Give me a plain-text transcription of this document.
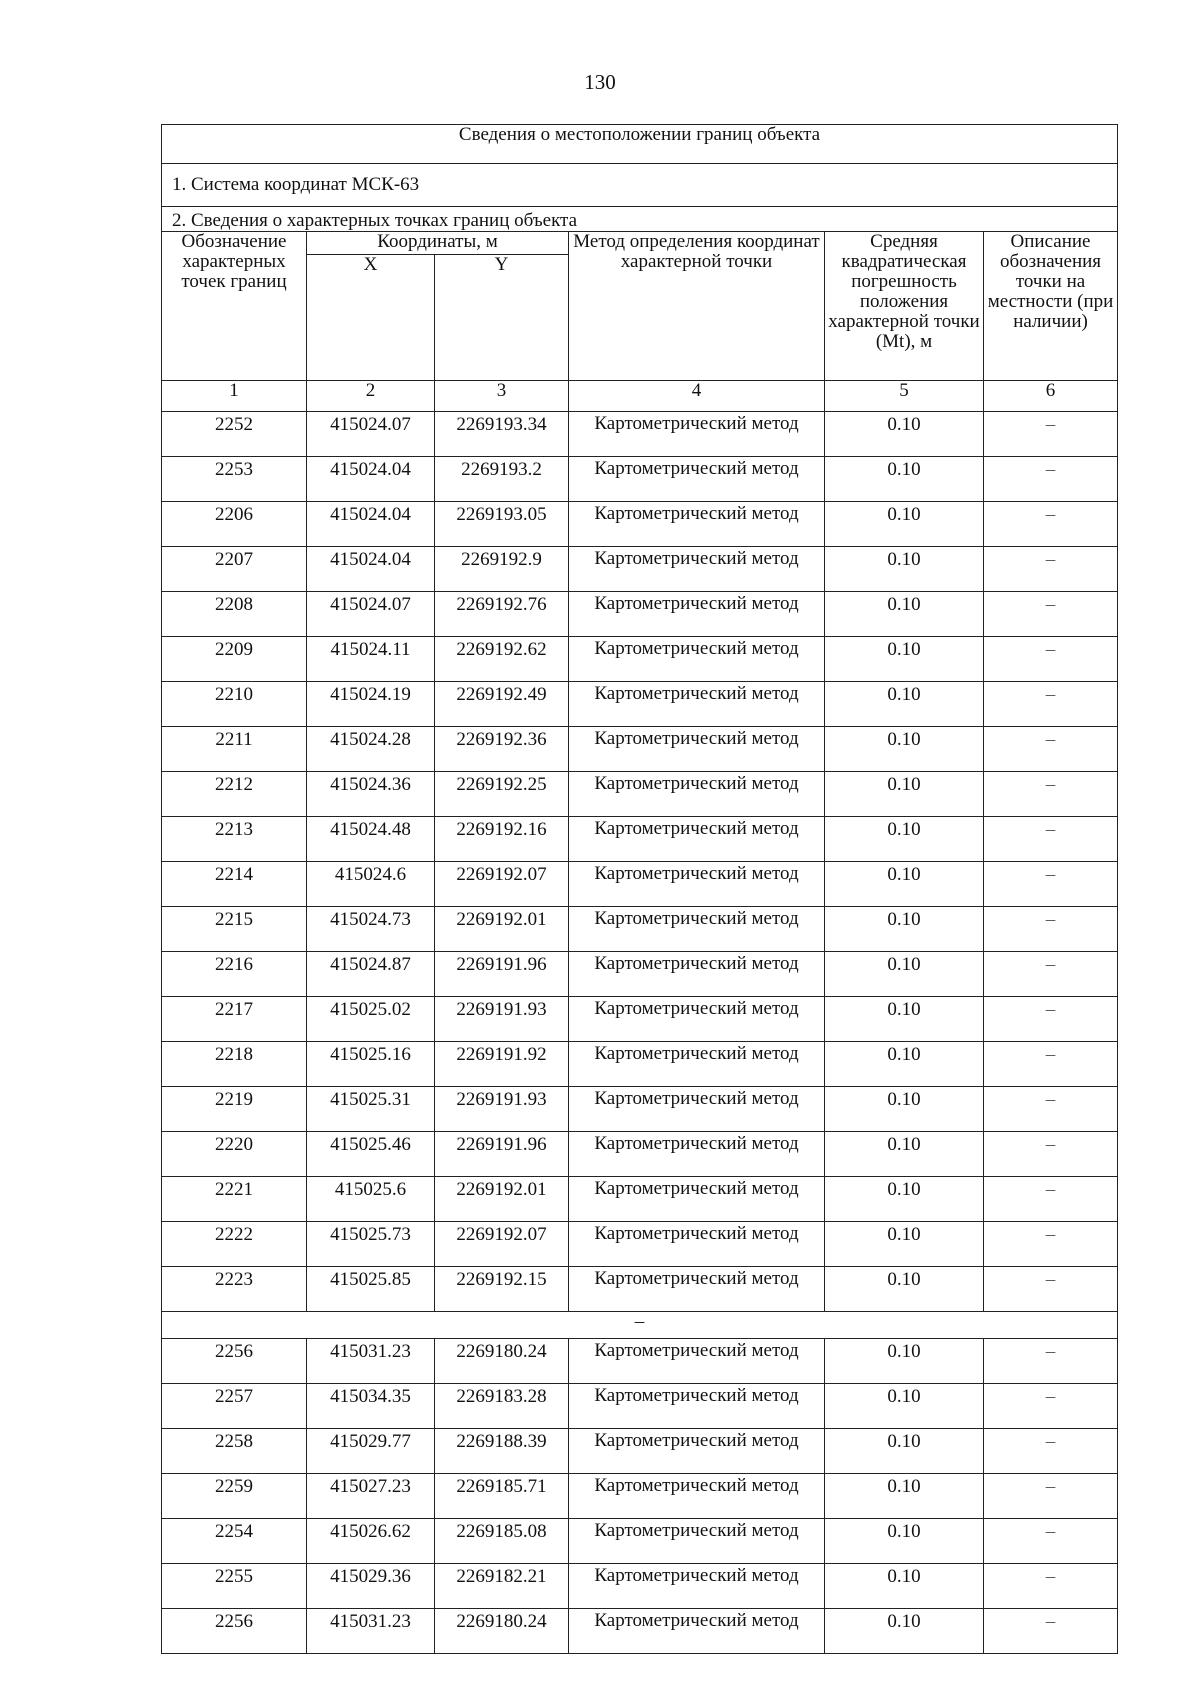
130
Сведения о местоположении границ объекта					
1. Система координат МСК-63					
2. Сведения о характерных точках границ объекта					
Обозначение характерных точек границ	Координаты, м		Метод определения координат характерной точки	Средняя квадратическая погрешность положения характерной точки (Mt), м	Описание обозначения точки на местности (при наличии)
	X	Y			
1	2	3	4	5	6
2252	415024.07	2269193.34	Картометрический метод	0.10	–
2253	415024.04	2269193.2	Картометрический метод	0.10	–
2206	415024.04	2269193.05	Картометрический метод	0.10	–
2207	415024.04	2269192.9	Картометрический метод	0.10	–
2208	415024.07	2269192.76	Картометрический метод	0.10	–
2209	415024.11	2269192.62	Картометрический метод	0.10	–
2210	415024.19	2269192.49	Картометрический метод	0.10	–
2211	415024.28	2269192.36	Картометрический метод	0.10	–
2212	415024.36	2269192.25	Картометрический метод	0.10	–
2213	415024.48	2269192.16	Картометрический метод	0.10	–
2214	415024.6	2269192.07	Картометрический метод	0.10	–
2215	415024.73	2269192.01	Картометрический метод	0.10	–
2216	415024.87	2269191.96	Картометрический метод	0.10	–
2217	415025.02	2269191.93	Картометрический метод	0.10	–
2218	415025.16	2269191.92	Картометрический метод	0.10	–
2219	415025.31	2269191.93	Картометрический метод	0.10	–
2220	415025.46	2269191.96	Картометрический метод	0.10	–
2221	415025.6	2269192.01	Картометрический метод	0.10	–
2222	415025.73	2269192.07	Картометрический метод	0.10	–
2223	415025.85	2269192.15	Картометрический метод	0.10	–
–					
2256	415031.23	2269180.24	Картометрический метод	0.10	–
2257	415034.35	2269183.28	Картометрический метод	0.10	–
2258	415029.77	2269188.39	Картометрический метод	0.10	–
2259	415027.23	2269185.71	Картометрический метод	0.10	–
2254	415026.62	2269185.08	Картометрический метод	0.10	–
2255	415029.36	2269182.21	Картометрический метод	0.10	–
2256	415031.23	2269180.24	Картометрический метод	0.10	–
